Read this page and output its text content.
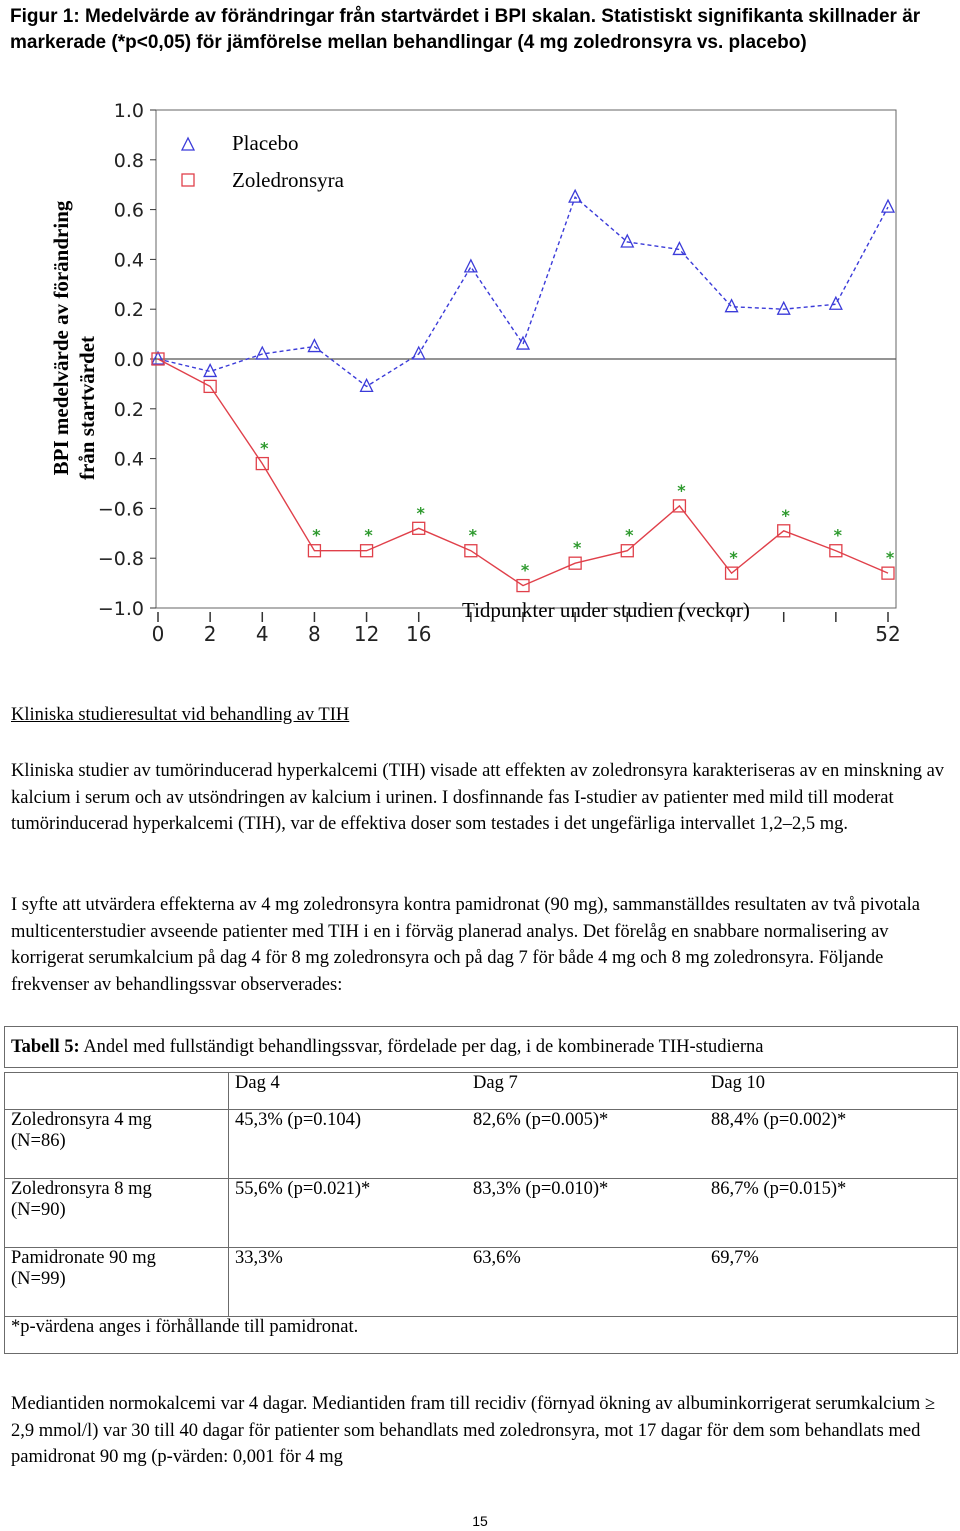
Figur 1: Medelvärde av förändringar från startvärdet i BPI skalan. Statistiskt signifikanta skillnader är markerade (*p<0,05) för jämförelse mellan behandlingar (4 mg zoledronsyra vs. placebo)

1.0
0.8
0.6
0.4
0.2
0.0
0.2
0.4
−0.6
−0.8
−1.0
0 2 4 8 12 16	52
Tidpunkter under studien (veckor)
BPI medelvärde av förändring från startvärdet	*
*	*
*
*
*
*
*
*
*
*
*
*
Placebo
Zoledronsyra

Kliniska studieresultat vid behandling av TIH

Kliniska studier av tumörinducerad hyperkalcemi (TIH) visade att effekten av zoledronsyra karakteriseras av en minskning av kalcium i serum och av utsöndringen av kalcium i urinen. I dosfinnande fas I-studier av patienter med mild till moderat tumörinducerad hyperkalcemi (TIH), var de effektiva doser som testades i det ungefärliga intervallet 1,2–2,5 mg.

I syfte att utvärdera effekterna av 4 mg zoledronsyra kontra pamidronat (90 mg), sammanställdes resultaten av två pivotala multicenterstudier avseende patienter med TIH i en i förväg planerad analys. Det förelåg en snabbare normalisering av korrigerat serumkalcium på dag 4 för 8 mg zoledronsyra och på dag 7 för både 4 mg och 8 mg zoledronsyra. Följande frekvenser av behandlingssvar observerades:

Tabell 5: Andel med fullständigt behandlingssvar, fördelade per dag, i de kombinerade TIH-studierna	

	Dag 4 Dag 7 Dag 10

Zoledronsyra 4 mg
(N=86)	45,3% (p=0.104) 82,6% (p=0.005)* 88,4% (p=0.002)*

Zoledronsyra 8 mg
(N=90)	55,6% (p=0.021)* 83,3% (p=0.010)* 86,7% (p=0.015)*

Pamidronate 90 mg
(N=99)	33,3% 63,6% 69,7%

*p-värdena anges i förhållande till pamidronat.	

Mediantiden normokalcemi var 4 dagar. Mediantiden fram till recidiv (förnyad ökning av albuminkorrigerat serumkalcium ≥ 2,9 mmol/l) var 30 till 40 dagar för patienter som behandlats med zoledronsyra, mot 17 dagar för dem som behandlats med pamidronat 90 mg (p-värden: 0,001 för 4 mg

15
